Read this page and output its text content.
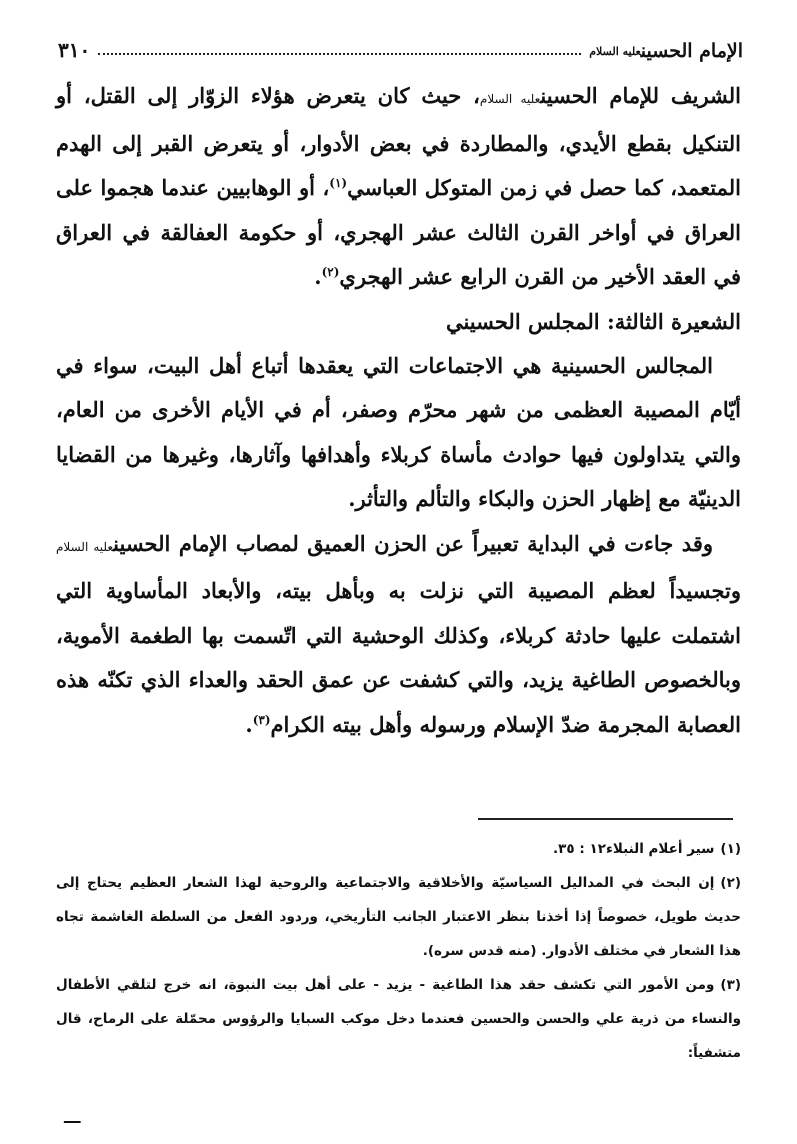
الإمام الحسينعليه السلام
٣١٠

الشريف للإمام الحسينعليه السلام، حيث كان يتعرض هؤلاء الزوّار إلى القتل، أو التنكيل بقطع الأيدي، والمطاردة في بعض الأدوار، أو يتعرض القبر إلى الهدم المتعمد، كما حصل في زمن المتوكل العباسي$^{(١)}$، أو الوهابيين عندما هجموا على العراق في أواخر القرن الثالث عشر الهجري، أو حكومة العفالقة في العراق في العقد الأخير من القرن الرابع عشر الهجري$^{(٢)}$.

الشعيرة الثالثة: المجلس الحسيني

المجالس الحسينية هي الاجتماعات التي يعقدها أتباع أهل البيت، سواء في أيّام المصيبة العظمى من شهر محرّم وصفر، أم في الأيام الأخرى من العام، والتي يتداولون فيها حوادث مأساة كربلاء وأهدافها وآثارها، وغيرها من القضايا الدينيّة مع إظهار الحزن والبكاء والتألم والتأثر.

وقد جاءت في البداية تعبيراً عن الحزن العميق لمصاب الإمام الحسينعليه السلام وتجسيداً لعظم المصيبة التي نزلت به وبأهل بيته، والأبعاد المأساوية التي اشتملت عليها حادثة كربلاء، وكذلك الوحشية التي اتّسمت بها الطغمة الأموية، وبالخصوص الطاغية يزيد، والتي كشفت عن عمق الحقد والعداء الذي تكنّه هذه العصابة المجرمة ضدّ الإسلام ورسوله وأهل بيته الكرام$^{(٣)}$.

(١)سير أعلام النبلاء١٢ : ٣٥.

(٢)إن البحث في المداليل السياسيّة والأخلاقية والاجتماعية والروحية لهذا الشعار العظيم يحتاج إلى حديث طويل، خصوصاً إذا أخذنا بنظر الاعتبار الجانب التأريخي، وردود الفعل من السلطة الغاشمة تجاه هذا الشعار في مختلف الأدوار. (منه قدس سره).

(٣)ومن الأمور التي تكشف حقد هذا الطاغية - يزيد - على أهل بيت النبوة، انه خرج لتلقي الأطفال والنساء من ذرية علي والحسن والحسين فعندما دخل موكب السبايا والرؤوس محمّلة على الرماح، قال متشفياً:

ـــ
